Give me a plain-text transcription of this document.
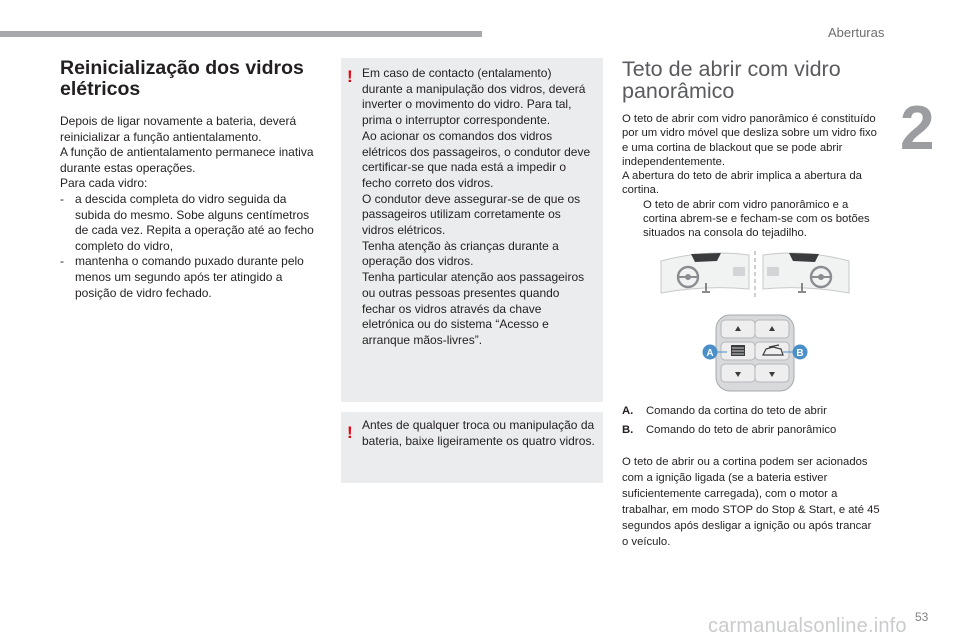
Aberturas
2
Reinicialização dos vidros
elétricos

Depois de ligar novamente a bateria, deverá reinicializar a função antientalamento.

A função de antientalamento permanece inativa durante estas operações.

Para cada vidro:

- a descida completa do vidro seguida da subida do mesmo. Sobe alguns centímetros de cada vez. Repita a operação até ao fecho completo do vidro,
- mantenha o comando puxado durante pelo menos um segundo após ter atingido a posição de vidro fechado.
! Em caso de contacto (entalamento) durante a manipulação dos vidros, deverá inverter o movimento do vidro. Para tal, prima o interruptor correspondente.
Ao acionar os comandos dos vidros elétricos dos passageiros, o condutor deve certificar-se que nada está a impedir o fecho correto dos vidros.
O condutor deve assegurar-se de que os passageiros utilizam corretamente os vidros elétricos.
Tenha atenção às crianças durante a operação dos vidros.
Tenha particular atenção aos passageiros ou outras pessoas presentes quando fechar os vidros através da chave eletrónica ou do sistema “Acesso e arranque mãos-livres”.
! Antes de qualquer troca ou manipulação da bateria, baixe ligeiramente os quatro vidros.
Teto de abrir com vidro
panorâmico

O teto de abrir com vidro panorâmico é constituído por um vidro móvel que desliza sobre um vidro fixo e uma cortina de blackout que se pode abrir independentemente.

A abertura do teto de abrir implica a abertura da cortina.

O teto de abrir com vidro panorâmico e a cortina abrem-se e fecham-se com os botões situados na consola do tejadilho.
A	B
A. Comando da cortina do teto de abrir
B. Comando do teto de abrir panorâmico
O teto de abrir ou a cortina podem ser acionados com a ignição ligada (se a bateria estiver suficientemente carregada), com o motor a trabalhar, em modo STOP do Stop & Start, e até 45 segundos após desligar a ignição ou após trancar o veículo.
carmanualsonline.info 53
